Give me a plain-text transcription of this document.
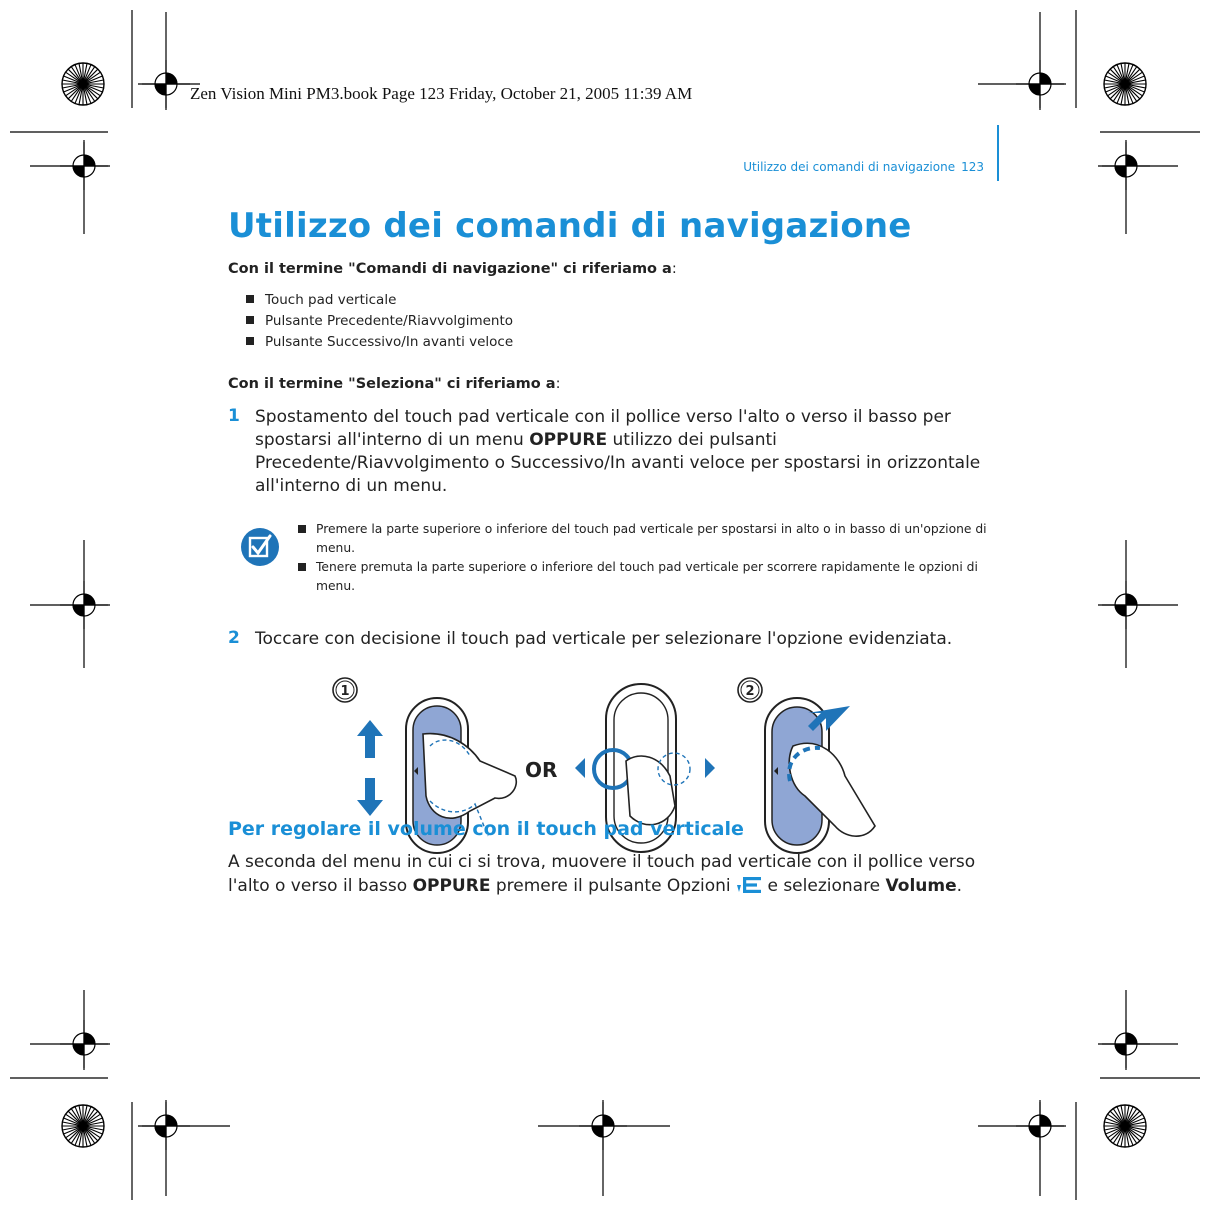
Zen Vision Mini PM3.book Page 123 Friday, October 21, 2005 11:39 AM
Utilizzo dei comandi di navigazione 123
Utilizzo dei comandi di navigazione
Con il termine "Comandi di navigazione" ci riferiamo a:
Touch pad verticale
Pulsante Precedente/Riavvolgimento
Pulsante Successivo/In avanti veloce
Con il termine "Seleziona" ci riferiamo a:
1 Spostamento del touch pad verticale con il pollice verso l'alto o verso il basso per spostarsi all'interno di un menu OPPURE utilizzo dei pulsanti Precedente/Riavvolgimento o Successivo/In avanti veloce per spostarsi in orizzontale all'interno di un menu.

Premere la parte superiore o inferiore del touch pad verticale per spostarsi in alto o in basso di un'opzione di menu.
Tenere premuta la parte superiore o inferiore del touch pad verticale per scorrere rapidamente le opzioni di menu.
2 Toccare con decisione il touch pad verticale per selezionare l'opzione evidenziata.

1
OR
2
Per regolare il volume con il touch pad verticale

A seconda del menu in cui ci si trova, muovere il touch pad verticale con il pollice verso l'alto o verso il basso OPPURE premere il pulsante Opzioni  e selezionare Volume.
